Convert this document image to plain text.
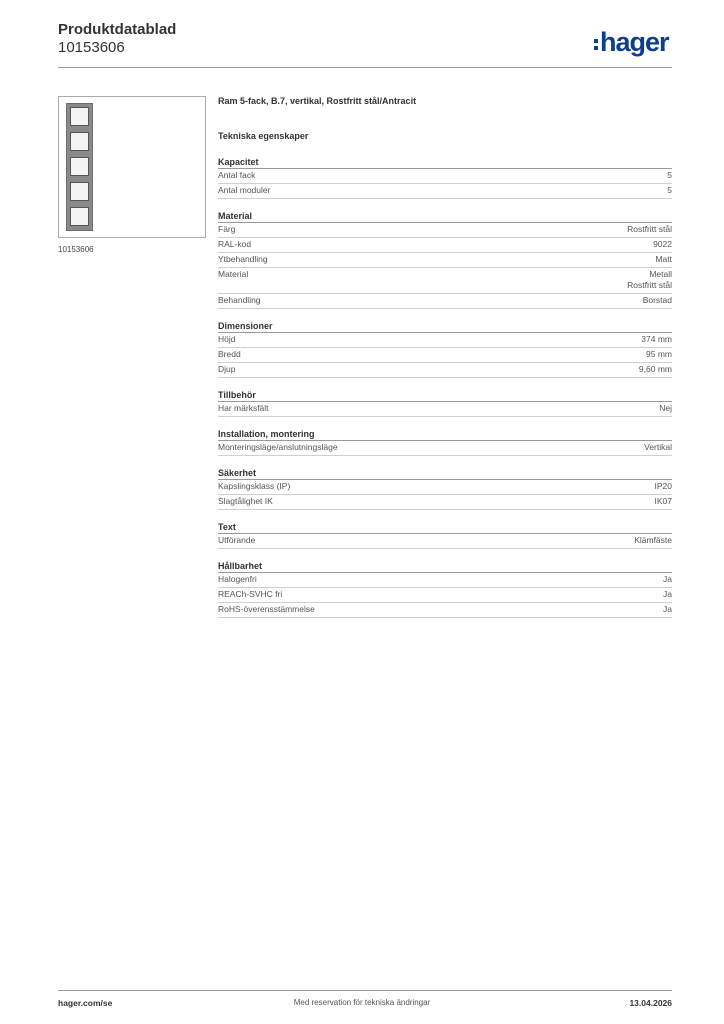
Produktdatablad
10153606	hager
10153606
Ram 5-fack, B.7, vertikal, Rostfritt stål/Antracit
Tekniska egenskaper
Kapacitet
Antal fack	5
Antal moduler	5
Material
Färg	Rostfritt stål
RAL-kod	9022
Ytbehandling	Matt
Material	Metall
Rostfritt stål
Behandling	Borstad
Dimensioner
Höjd	374 mm
Bredd	95 mm
Djup	9,60 mm
Tillbehör
Har märksfält	Nej
Installation, montering
Monteringsläge/anslutningsläge	Vertikal
Säkerhet
Kapslingsklass (IP)	IP20
Slagtålighet IK	IK07
Text
Utförande	Klämfäste
Hållbarhet
Halogenfri	Ja
REACh-SVHC fri	Ja
RoHS-överensstämmelse	Ja
hager.com/se	Med reservation för tekniska ändringar	13.04.2026
